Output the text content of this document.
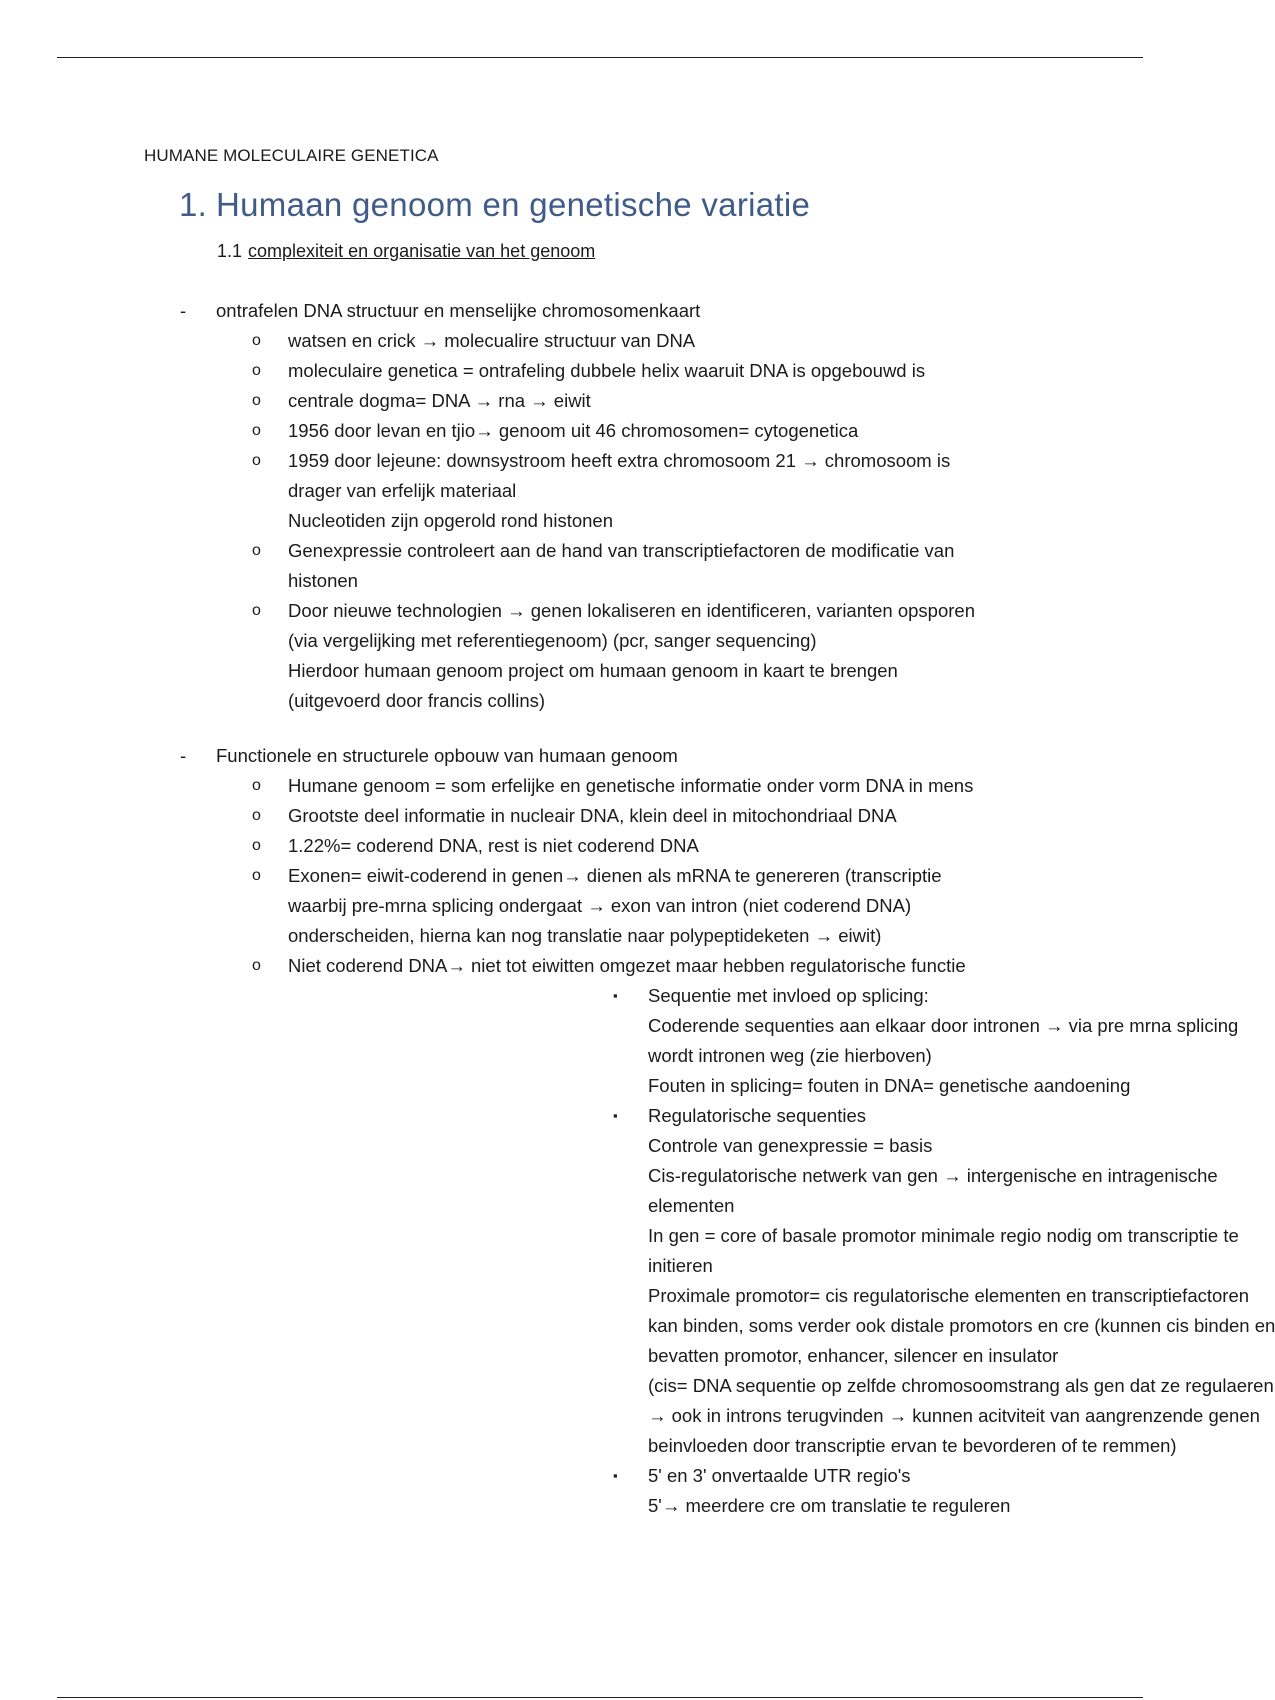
HUMANE MOLECULAIRE GENETICA
1. Humaan genoom en genetische variatie
1.1 complexiteit en organisatie van het genoom
- ontrafelen DNA structuur en menselijke chromosomenkaart
o watsen en crick → molecualire structuur van DNA
o moleculaire genetica = ontrafeling dubbele helix waaruit DNA is opgebouwd is
o centrale dogma= DNA → rna → eiwit
o 1956 door levan en tjio→ genoom uit 46 chromosomen= cytogenetica
o 1959 door lejeune: downsystroom heeft extra chromosoom 21 → chromosoom is
drager van erfelijk materiaal
Nucleotiden zijn opgerold rond histonen
o Genexpressie controleert aan de hand van transcriptiefactoren de modificatie van
histonen
o Door nieuwe technologien → genen lokaliseren en identificeren, varianten opsporen
(via vergelijking met referentiegenoom) (pcr, sanger sequencing)
Hierdoor humaan genoom project om humaan genoom in kaart te brengen
(uitgevoerd door francis collins)
- Functionele en structurele opbouw van humaan genoom
o Humane genoom = som erfelijke en genetische informatie onder vorm DNA in mens
o Grootste deel informatie in nucleair DNA, klein deel in mitochondriaal DNA
o 1.22%= coderend DNA, rest is niet coderend DNA
o Exonen= eiwit-coderend in genen→ dienen als mRNA te genereren (transcriptie
waarbij pre-mrna splicing ondergaat → exon van intron (niet coderend DNA)
onderscheiden, hierna kan nog translatie naar polypeptideketen → eiwit)
o Niet coderend DNA→ niet tot eiwitten omgezet maar hebben regulatorische functie
▪ Sequentie met invloed op splicing:
Coderende sequenties aan elkaar door intronen → via pre mrna splicing
wordt intronen weg (zie hierboven)
Fouten in splicing= fouten in DNA= genetische aandoening
▪ Regulatorische sequenties
Controle van genexpressie = basis
Cis-regulatorische netwerk van gen → intergenische en intragenische
elementen
In gen = core of basale promotor minimale regio nodig om transcriptie te
initieren
Proximale promotor= cis regulatorische elementen en transcriptiefactoren
kan binden, soms verder ook distale promotors en cre (kunnen cis binden en
bevatten promotor, enhancer, silencer en insulator
(cis= DNA sequentie op zelfde chromosoomstrang als gen dat ze regulaeren
→ ook in introns terugvinden → kunnen acitviteit van aangrenzende genen
beinvloeden door transcriptie ervan te bevorderen of te remmen)
▪ 5' en 3' onvertaalde UTR regio's
5'→ meerdere cre om translatie te reguleren
